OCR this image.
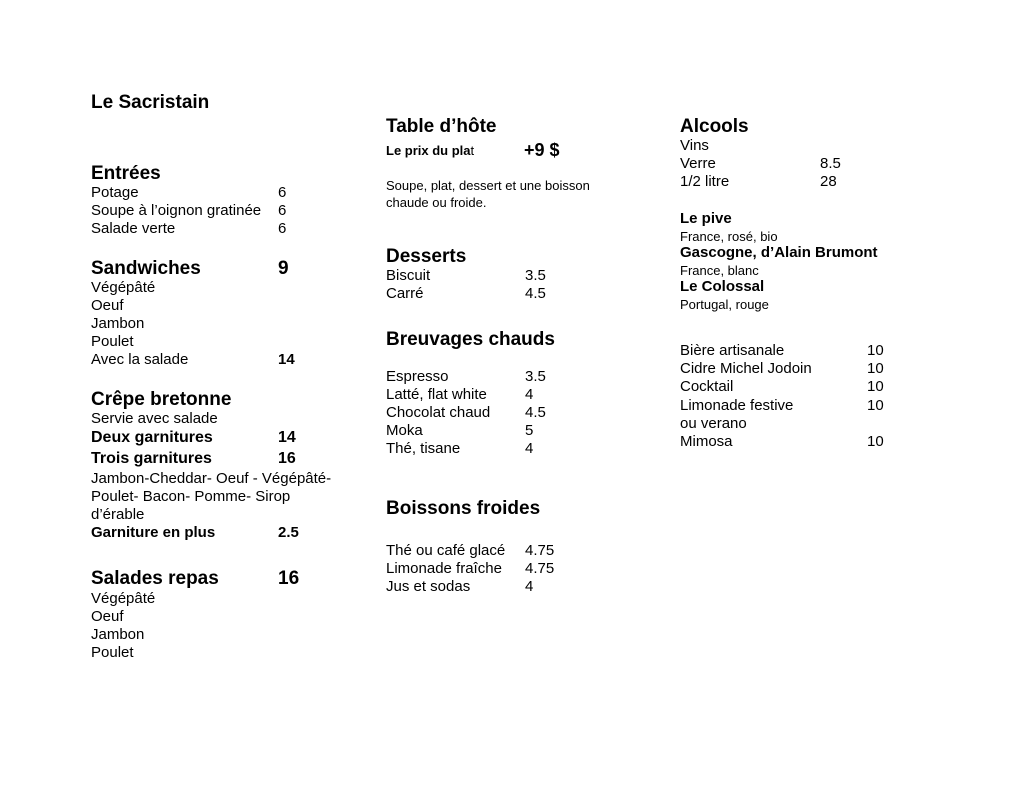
Le Sacristain
Entrées
Potage	6
Soupe à l’oignon gratinée 6
Salade verte	6
Sandwiches	9
Végépâté
Oeuf
Jambon
Poulet
Avec la salade	14
Crêpe bretonne
Servie avec salade
Deux garnitures	14
Trois garnitures	16
Jambon-Cheddar- Oeuf - Végépâté-
Poulet- Bacon- Pomme- Sirop
d’érable
Garniture en plus	2.5
Salades repas	16
Végépâté
Oeuf
Jambon
Poulet
Table d’hôte
Le prix du plat	+9 $
Soupe, plat, dessert et une boisson
chaude ou froide.
Desserts
Biscuit	3.5
Carré	4.5
Breuvages chauds
Espresso	3.5
Latté, flat white	4
Chocolat chaud 4.5
Moka	5
Thé, tisane	4
Boissons froides
Thé ou café glacé 4.75
Limonade fraîche 4.75
Jus et sodas	4
Alcools
Vins
Verre	8.5
1/2 litre	28
Le pive
France, rosé, bio
Gascogne, d’Alain Brumont
France, blanc
Le Colossal
Portugal, rouge
Bière artisanale	10
Cidre Michel Jodoin	10
Cocktail	10
Limonade festive	10
ou verano
Mimosa	10
